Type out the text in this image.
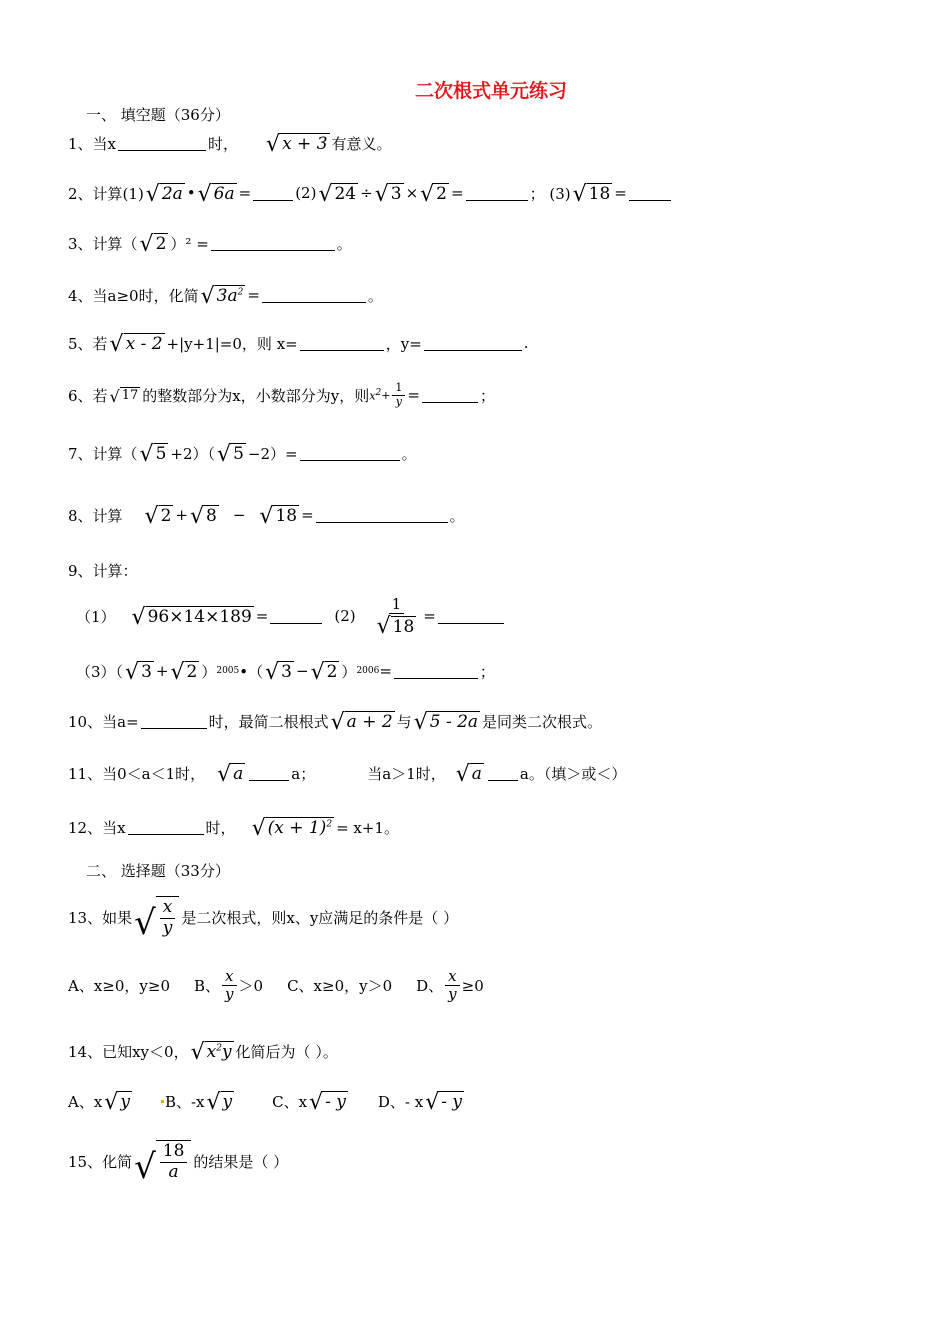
二次根式单元练习
一、 填空题（36分）
1、当x	时， √ x + 3 有意义。
2、计算(1) √ 2a • √ 6a =	(2) √ 24 ÷ √ 3 × √ 2 =	； (3) √ 18 =
3、计算（ √ 2 ）² =	。
4、当a≥0时，化简 √ $3a^2$ =	。
5、若 √ x - 2 +|y+1|=0，则 x=	，y=	.
6、若 √ 17 的整数部分为x，小数部分为y，则 $x^2 + \frac{1}{y}$ =	；
7、计算（ √ 5 +2）（ √ 5 −2）=	。
8、计算 √ 2 + √ 8 − √ 18 =	。
9、计算：
（1） √ 96×14×189 =	$(2) \frac{1}{√ 18}$ =
（3）（ √ 3 + √ 2 ） 2005 •（ √ 3 − √ 2 ） 2006 =	；
10、当a=	时，最简二根根式 √ a + 2 与 √ 5 - 2a 是同类二次根式。
11、当0＜a＜1时， √ a	a；	当a＞1时， √ a	a。（填＞或＜）
12、当x	时， √ $(x + 1)^2 = x+1$。
二、 选择题（33分）
13、如果 √ $\frac{x}{y}$ 是二次根式，则x、y应满足的条件是（ ）
A、x≥0，y≥0 B、 $\frac{x}{y} >0$ C、x≥0，y＞0 D、 $\frac{x}{y} \ge 0$
14、已知xy＜0， √ $x^2y$ 化简后为（ ）。
A、x √ y B、-x √ y	C、x √ - y D、- x √ - y
15、化简 √ $\frac{18}{a}$ 的结果是（ ）
